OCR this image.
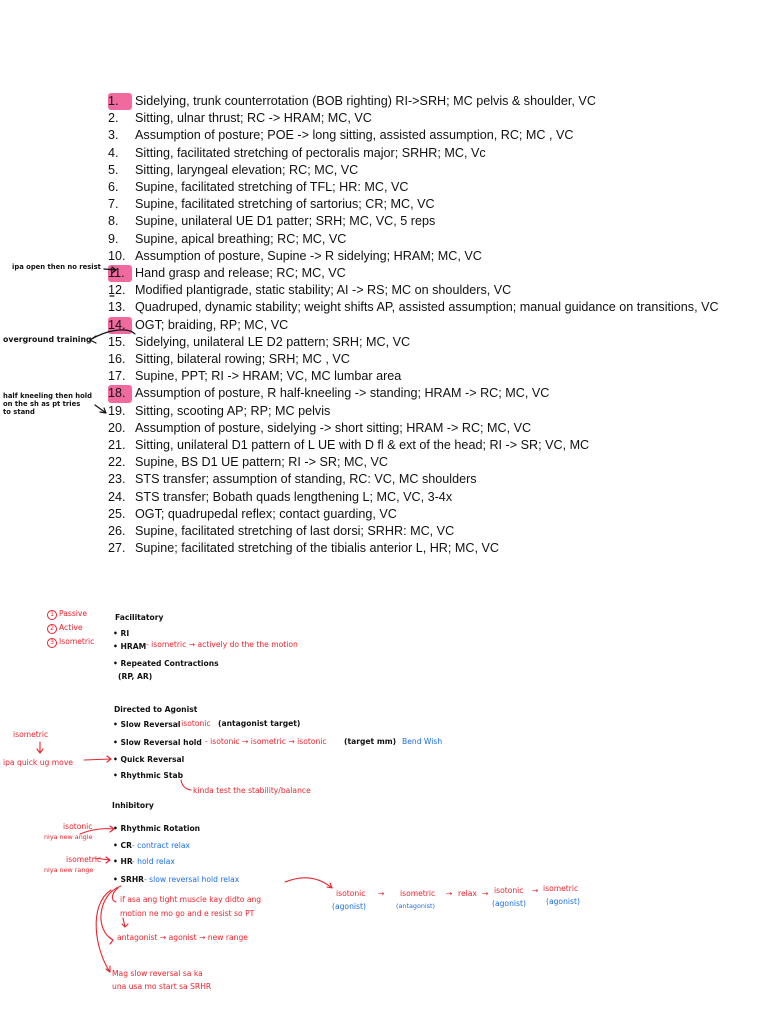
1.	Sidelying, trunk counterrotation (BOB righting) RI->SRH; MC pelvis & shoulder, VC
2.	Sitting, ulnar thrust; RC -> HRAM; MC, VC
3.	Assumption of posture; POE -> long sitting, assisted assumption, RC; MC , VC
4.	Sitting, facilitated stretching of pectoralis major; SRHR; MC, Vc
5.	Sitting, laryngeal elevation; RC; MC, VC
6.	Supine, facilitated stretching of TFL; HR: MC, VC
7.	Supine, facilitated stretching of sartorius; CR; MC, VC
8.	Supine, unilateral UE D1 patter; SRH; MC, VC, 5 reps
9.	Supine, apical breathing; RC; MC, VC
10. Assumption of posture, Supine -> R sidelying; HRAM; MC, VC
11. Hand grasp and release; RC; MC, VC
12. Modified plantigrade, static stability; AI -> RS; MC on shoulders, VC
13. Quadruped, dynamic stability; weight shifts AP, assisted assumption; manual guidance on transitions, VC
14. OGT; braiding, RP; MC, VC
15. Sidelying, unilateral LE D2 pattern; SRH; MC, VC
16. Sitting, bilateral rowing; SRH; MC , VC
17. Supine, PPT; RI -> HRAM; VC, MC lumbar area
18. Assumption of posture, R half-kneeling -> standing; HRAM -> RC; MC, VC
19. Sitting, scooting AP; RP; MC pelvis
20. Assumption of posture, sidelying -> short sitting; HRAM -> RC; MC, VC
21. Sitting, unilateral D1 pattern of L UE with D fl & ext of the head; RI -> SR; VC, MC
22. Supine, BS D1 UE pattern; RI -> SR; MC, VC
23. STS transfer; assumption of standing, RC: VC, MC shoulders
24. STS transfer; Bobath quads lengthening L; MC, VC, 3-4x
25. OGT; quadrupedal reflex; contact guarding, VC
26. Supine, facilitated stretching of last dorsi; SRHR: MC, VC
27. Supine; facilitated stretching of the tibialis anterior L, HR; MC, VC
ipa open then no resist
overground training
half kneeling then hold
on the sh as pt tries
to stand
1 Passive
2 Active
3 Isometric
Facilitatory
• RI
• HRAM - isometric → actively do the the motion
• Repeated Contractions
(RP, AR)
Directed to Agonist
• Slow Reversal
- isotonic (antagonist target)
• Slow Reversal hold - isotonic → isometric → isotonic (target mm) Bend Wish
• Quick Reversal
• Rhythmic Stab
kinda test the stability/balance
isometric
ipa quick ug move
Inhibitory
• Rhythmic Rotation
• CR - contract relax
• HR - hold relax
• SRHR - slow reversal hold relax
isotonic
niya new angle
isometric
niya new range
if asa ang tight muscle kay didto ang
motion ne mo go and e resist so PT
antagonist → agonist → new range
Mag slow reversal sa ka
una usa mo start sa SRHR
isotonic
(agonist)
→ isometric
(antagonist)
→ relax → isotonic
(agonist)
→ isometric
(agonist)
